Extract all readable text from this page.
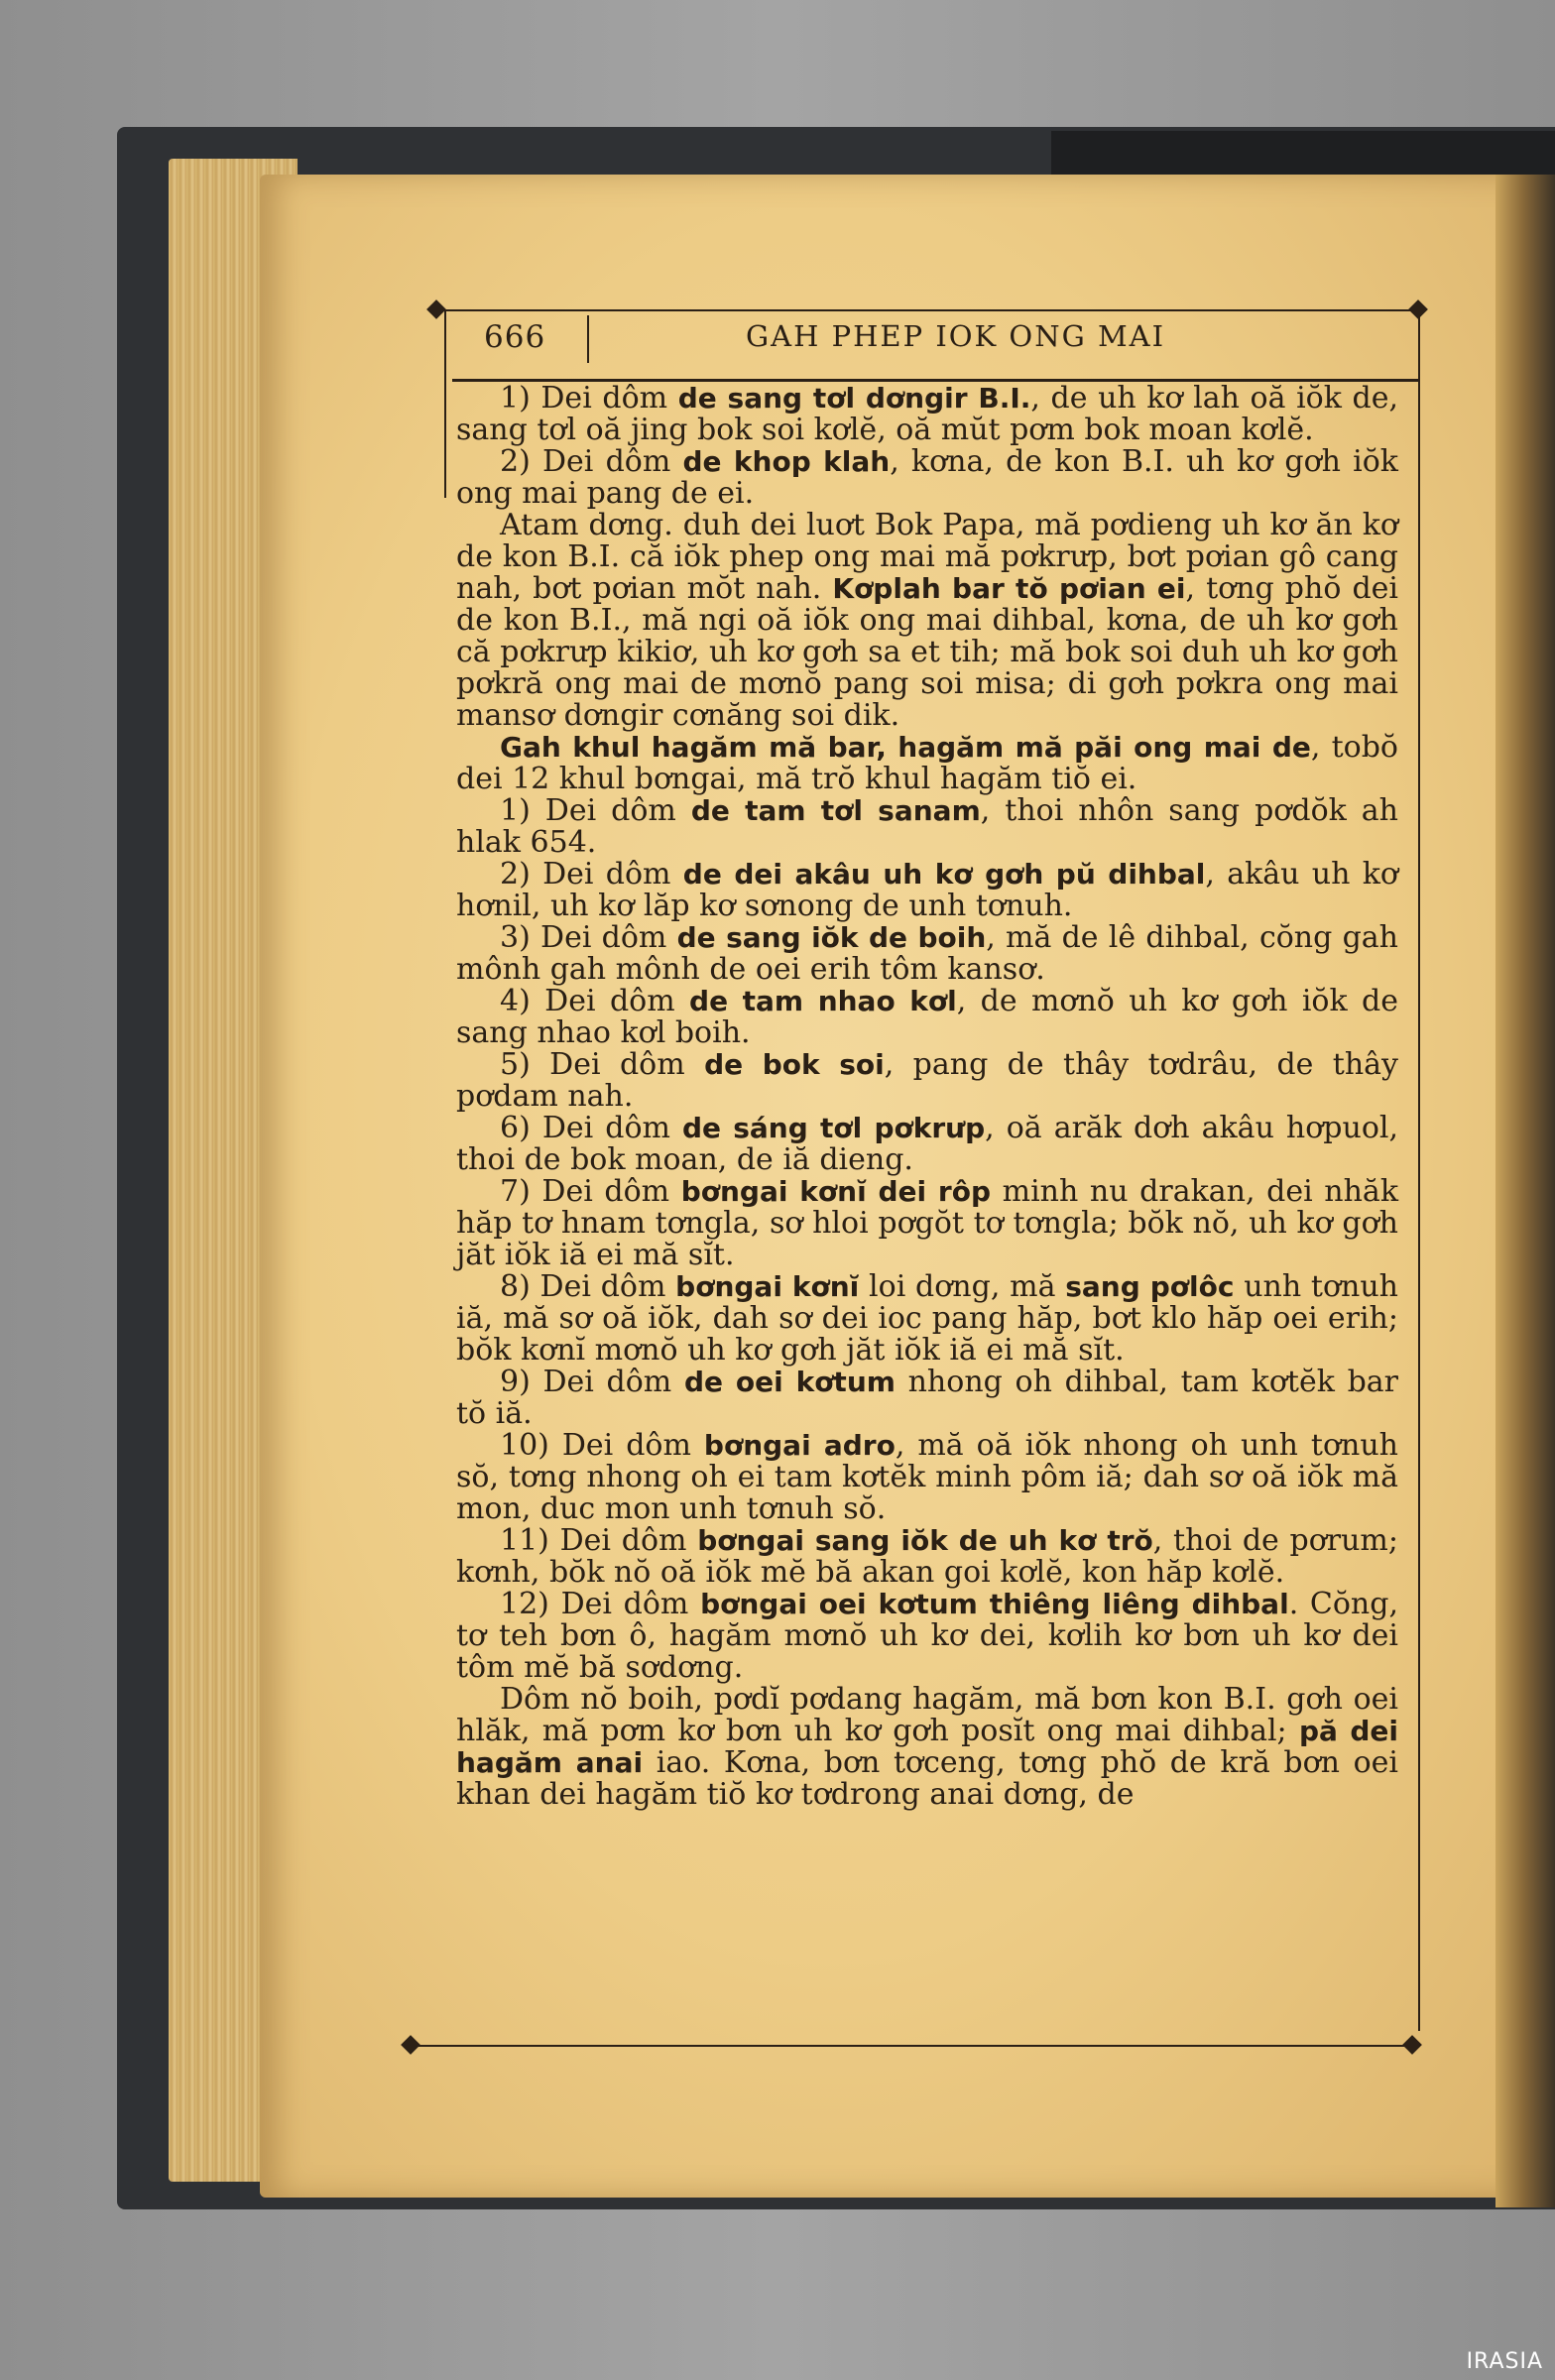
666	GAH PHEP IOK ONG MAI

1) Dei dôm de sang tơl dơngir B.I., de uh kơ lah oă iŏk de, sang tơl oă jing bok soi kơlĕ, oă mŭt pơm bok moan kơlĕ.

2) Dei dôm de khop klah, kơna, de kon B.I. uh kơ gơh iŏk ong mai pang de ei.

Atam dơng. duh dei luơt Bok Papa, mă pơdieng uh kơ ăn kơ de kon B.I. că iŏk phep ong mai mă pơkrưp, bơt pơian gô cang nah, bơt pơian mŏt nah. Kơplah bar tŏ pơian ei, tơng phŏ dei de kon B.I., mă ngi oă iŏk ong mai dihbal, kơna, de uh kơ gơh că pơkrưp kikiơ, uh kơ gơh sa et tih; mă bok soi duh uh kơ gơh pơkră ong mai de mơnŏ pang soi misa; di gơh pơkra ong mai mansơ dơngir cơnăng soi dik.

Gah khul hagăm mă bar, hagăm mă păi ong mai de, tobŏ dei 12 khul bơngai, mă trŏ khul hagăm tiŏ ei.

1) Dei dôm de tam tơl sanam, thoi nhôn sang pơdŏk ah hlak 654.

2) Dei dôm de dei akâu uh kơ gơh pŭ dihbal, akâu uh kơ hơnil, uh kơ lăp kơ sơnong de unh tơnuh.

3) Dei dôm de sang iŏk de boih, mă de lê dihbal, cŏng gah mônh gah mônh de oei erih tôm kansơ.

4) Dei dôm de tam nhao kơl, de mơnŏ uh kơ gơh iŏk de sang nhao kơl boih.

5) Dei dôm de bok soi, pang de thây tơdrâu, de thây pơdam nah.

6) Dei dôm de sáng tơl pơkrưp, oă arăk dơh akâu hơpuol, thoi de bok moan, de iă dieng.

7) Dei dôm bơngai kơnĭ dei rôp minh nu drakan, dei nhăk hăp tơ hnam tơngla, sơ hloi pơgŏt tơ tơngla; bŏk nŏ, uh kơ gơh jăt iŏk iă ei mă sĭt.

8) Dei dôm bơngai kơnĭ loi dơng, mă sang pơlôc unh tơnuh iă, mă sơ oă iŏk, dah sơ dei ioc pang hăp, bơt klo hăp oei erih; bŏk kơnĭ mơnŏ uh kơ gơh jăt iŏk iă ei mă sĭt.

9) Dei dôm de oei kơtum nhong oh dihbal, tam kơtĕk bar tŏ iă.

10) Dei dôm bơngai adro, mă oă iŏk nhong oh unh tơnuh sŏ, tơng nhong oh ei tam kơtĕk minh pôm iă; dah sơ oă iŏk mă mon, duc mon unh tơnuh sŏ.

11) Dei dôm bơngai sang iŏk de uh kơ trŏ, thoi de pơrum; kơnh, bŏk nŏ oă iŏk mĕ bă akan goi kơlĕ, kon hăp kơlĕ.

12) Dei dôm bơngai oei kơtum thiêng liêng dihbal. Cŏng, tơ teh bơn ô, hagăm mơnŏ uh kơ dei, kơlih kơ bơn uh kơ dei tôm mĕ bă sơdơng.

Dôm nŏ boih, pơdĭ pơdang hagăm, mă bơn kon B.I. gơh oei hlăk, mă pơm kơ bơn uh kơ gơh posĭt ong mai dihbal; pă dei hagăm anai iao. Kơna, bơn tơceng, tơng phŏ de kră bơn oei khan dei hagăm tiŏ kơ tơdrong anai dơng, de

IRASIA
